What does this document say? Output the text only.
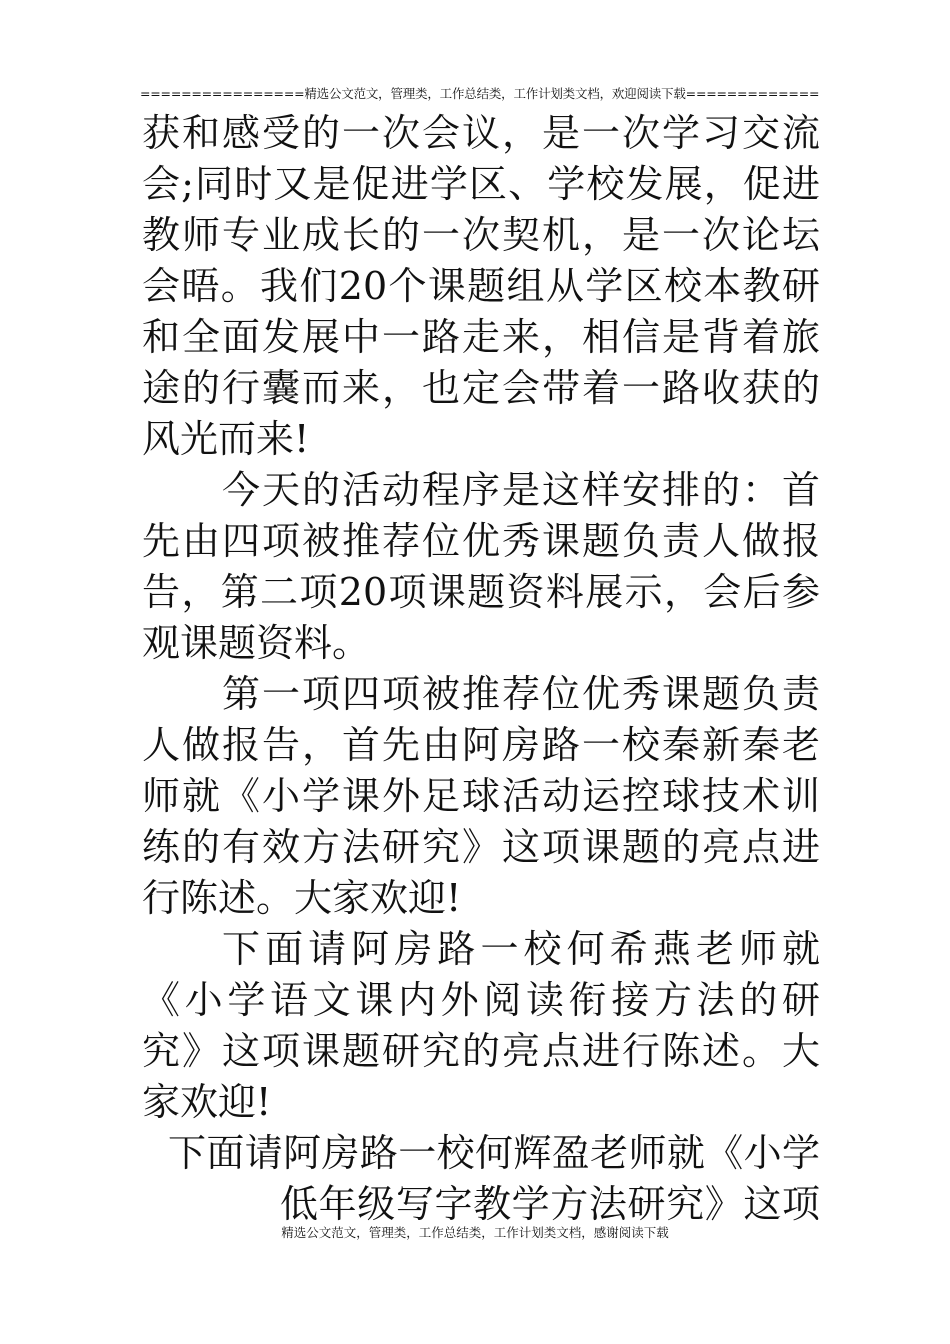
================精选公文范文，管理类，工作总结类，工作计划类文档，欢迎阅读下载=============
获和感受的一次会议，是一次学习交流
会;同时又是促进学区、学校发展，促进
教师专业成长的一次契机，是一次论坛
会晤。我们20个课题组从学区校本教研
和全面发展中一路走来，相信是背着旅
途的行囊而来，也定会带着一路收获的
风光而来!
今天的活动程序是这样安排的：首
先由四项被推荐位优秀课题负责人做报
告，第二项20项课题资料展示，会后参
观课题资料。
第一项四项被推荐位优秀课题负责
人做报告，首先由阿房路一校秦新秦老
师就《小学课外足球活动运控球技术训
练的有效方法研究》这项课题的亮点进
行陈述。大家欢迎!
下面请阿房路一校何希燕老师就
《小学语文课内外阅读衔接方法的研
究》这项课题研究的亮点进行陈述。大
家欢迎!
下面请阿房路一校何辉盈老师就《小学
低年级写字教学方法研究》这项
精选公文范文，管理类，工作总结类，工作计划类文档，感谢阅读下载
